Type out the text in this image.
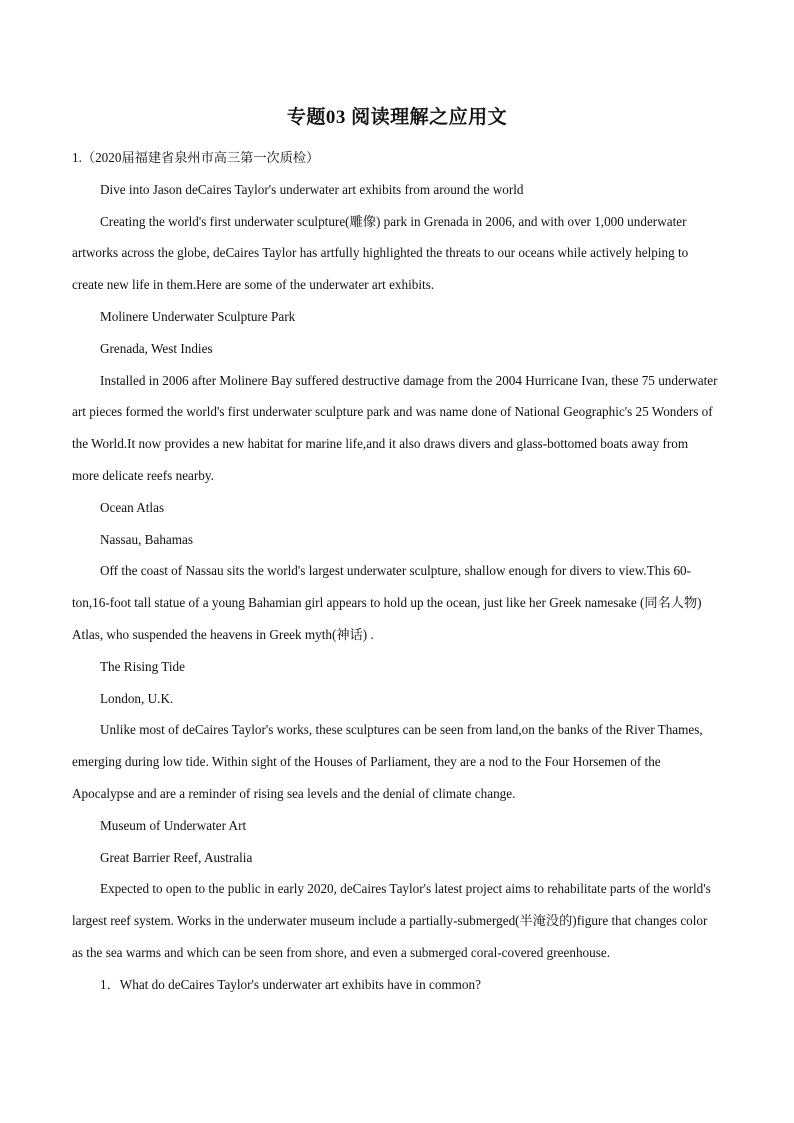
专题03 阅读理解之应用文

1.（2020届福建省泉州市高三第一次质检）

Dive into Jason deCaires Taylor's underwater art exhibits from around the world

Creating the world's first underwater sculpture(雕像) park in Grenada in 2006, and with over 1,000 underwater artworks across the globe, deCaires Taylor has artfully highlighted the threats to our oceans while actively helping to create new life in them.Here are some of the underwater art exhibits.

Molinere Underwater Sculpture Park

Grenada, West Indies

Installed in 2006 after Molinere Bay suffered destructive damage from the 2004 Hurricane Ivan, these 75 underwater art pieces formed the world's first underwater sculpture park and was name done of National Geographic's 25 Wonders of the World.It now provides a new habitat for marine life,and it also draws divers and glass-bottomed boats away from more delicate reefs nearby.

Ocean Atlas

Nassau, Bahamas

Off the coast of Nassau sits the world's largest underwater sculpture, shallow enough for divers to view.This 60-ton,16-foot tall statue of a young Bahamian girl appears to hold up the ocean, just like her Greek namesake (同名人物) Atlas, who suspended the heavens in Greek myth(神话) .

The Rising Tide

London, U.K.

Unlike most of deCaires Taylor's works, these sculptures can be seen from land,on the banks of the River Thames, emerging during low tide. Within sight of the Houses of Parliament, they are a nod to the Four Horsemen of the Apocalypse and are a reminder of rising sea levels and the denial of climate change.

Museum of Underwater Art

Great Barrier Reef, Australia

Expected to open to the public in early 2020, deCaires Taylor's latest project aims to rehabilitate parts of the world's largest reef system. Works in the underwater museum include a partially-submerged(半淹没的)figure that changes color as the sea warms and which can be seen from shore, and even a submerged coral-covered greenhouse.

1．What do deCaires Taylor's underwater art exhibits have in common?
